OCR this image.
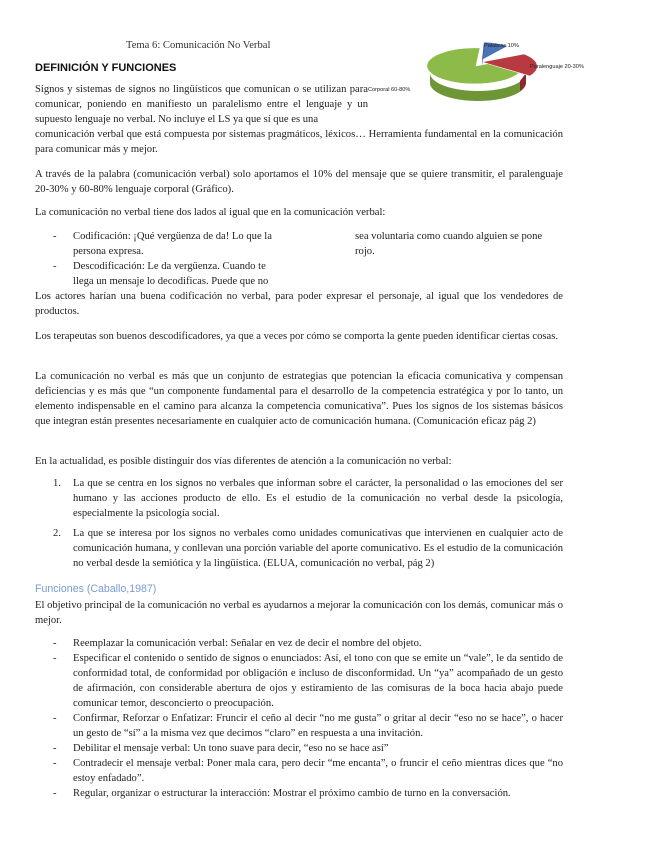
Tema 6: Comunicación No Verbal
DEFINICIÓN Y FUNCIONES
Palabras 10%
Paralenguaje 20-30%
Corporal 60-80%

Signos y sistemas de signos no lingüísticos que comunican o se utilizan para comunicar, poniendo en manifiesto un paralelismo entre el lenguaje y un supuesto lenguaje no verbal. No incluye el LS ya que sí que es una

comunicación verbal que está compuesta por sistemas pragmáticos, léxicos… Herramienta fundamental en la comunicación para comunicar más y mejor.

A través de la palabra (comunicación verbal) solo aportamos el 10% del mensaje que se quiere transmitir, el paralenguaje 20-30% y 60-80% lenguaje corporal (Gráfico).

La comunicación no verbal tiene dos lados al igual que en la comunicación verbal:

- Codificación: ¡Qué vergüenza de da! Lo que la persona expresa.
- Descodificación: Le da vergüenza. Cuando te llega un mensaje lo decodificas. Puede que no
sea voluntaria como cuando alguien se pone rojo.

Los actores harían una buena codificación no verbal, para poder expresar el personaje, al igual que los vendedores de productos.

Los terapeutas son buenos descodificadores, ya que a veces por cómo se comporta la gente pueden identificar ciertas cosas.

La comunicación no verbal es más que un conjunto de estrategias que potencian la eficacia comunicativa y compensan deficiencias y es más que “un componente fundamental para el desarrollo de la competencia estratégica y por lo tanto, un elemento indispensable en el camino para alcanza la competencia comunicativa”. Pues los signos de los sistemas básicos que integran están presentes necesariamente en cualquier acto de comunicación humana. (Comunicación eficaz pág 2)

En la actualidad, es posible distinguir dos vías diferentes de atención a la comunicación no verbal:

1. La que se centra en los signos no verbales que informan sobre el carácter, la personalidad o las emociones del ser humano y las acciones producto de ello. Es el estudio de la comunicación no verbal desde la psicología, especialmente la psicología social.
2. La que se interesa por los signos no verbales como unidades comunicativas que intervienen en cualquier acto de comunicación humana, y conllevan una porción variable del aporte comunicativo. Es el estudio de la comunicación no verbal desde la semiótica y la lingüística. (ELUA, comunicación no verbal, pág 2)
Funciones (Caballo,1987)

El objetivo principal de la comunicación no verbal es ayudarnos a mejorar la comunicación con los demás, comunicar más o mejor.

- Reemplazar la comunicación verbal: Señalar en vez de decir el nombre del objeto.
- Especificar el contenido o sentido de signos o enunciados: Así, el tono con que se emite un “vale”, le da sentido de conformidad total, de conformidad por obligación e incluso de disconformidad. Un “ya” acompañado de un gesto de afirmación, con considerable abertura de ojos y estiramiento de las comisuras de la boca hacia abajo puede comunicar temor, desconcierto o preocupación.
- Confirmar, Reforzar o Enfatizar: Fruncir el ceño al decir “no me gusta” o gritar al decir “eso no se hace”, o hacer un gesto de “sí” a la misma vez que decimos “claro” en respuesta a una invitación.
- Debilitar el mensaje verbal: Un tono suave para decir, “eso no se hace así”
- Contradecir el mensaje verbal: Poner mala cara, pero decir “me encanta”, o fruncir el ceño mientras dices que “no estoy enfadado”.
- Regular, organizar o estructurar la interacción: Mostrar el próximo cambio de turno en la conversación.
